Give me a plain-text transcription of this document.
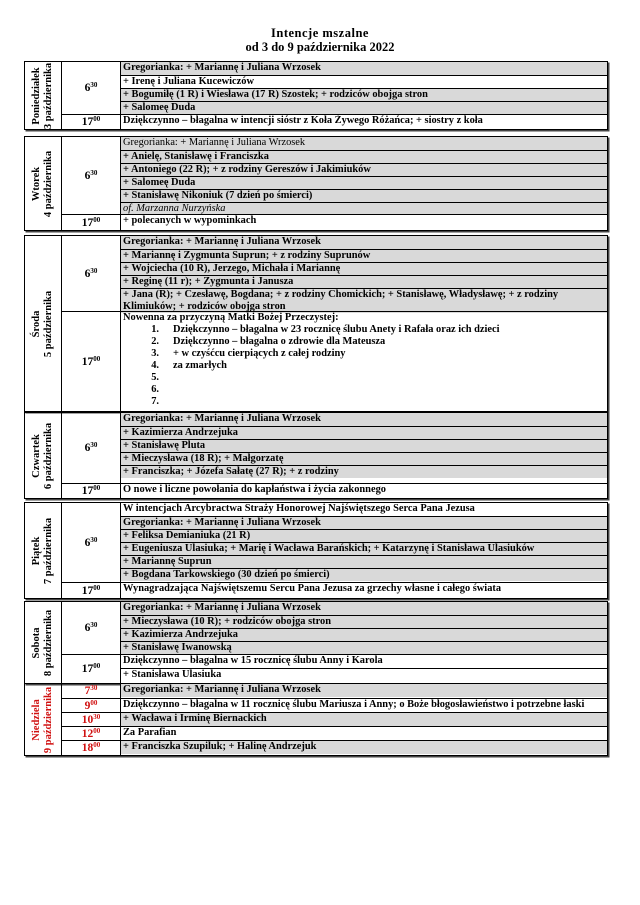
Intencje mszalne
od 3 do 9 października 2022
Poniedziałek 3 października	$6^{30}$
Gregorianka: + Mariannę i Juliana Wrzosek
+ Irenę i Juliana Kucewiczów
+ Bogumiłę (1 R) i Wiesława (17 R) Szostek; + rodziców obojga stron
+ Salomeę Duda
$17^{00}$ Dziękczynno – błagalna w intencji sióstr z Koła Żywego Różańca; + siostry z koła
Wtorek 4 października	$6^{30}$
Gregorianka: + Mariannę i Juliana Wrzosek
+ Anielę, Stanisławę i Franciszka
+ Antoniego (22 R); + z rodziny Gereszów i Jakimiuków
+ Salomeę Duda
+ Stanisławę Nikoniuk (7 dzień po śmierci)
of. Marzanna Nurzyńska
$17^{00}$ + polecanych w wypominkach
Środa 5 października
$6^{30}$
Gregorianka: + Mariannę i Juliana Wrzosek
+ Mariannę i Zygmunta Suprun; + z rodziny Suprunów
+ Wojciecha (10 R), Jerzego, Michała i Mariannę
+ Reginę (11 r); + Zygmunta i Janusza
+ Jana (R); + Czesławę, Bogdana; + z rodziny Chomickich; + Stanisławę, Władysławę; + z rodziny Klimiuków; + rodziców obojga stron
$17^{00}$
Nowenna za przyczyną Matki Bożej Przeczystej:
1. Dziękczynno – błagalna w 23 rocznicę ślubu Anety i Rafała oraz ich dzieci
2. Dziękczynno – błagalna o zdrowie dla Mateusza
3. + w czyśćcu cierpiących z całej rodziny
4. za zmarłych
5.
6.
7.
Czwartek 6 października	$6^{30}$
Gregorianka: + Mariannę i Juliana Wrzosek
+ Kazimierza Andrzejuka
+ Stanisławę Pluta
+ Mieczysława (18 R); + Małgorzatę
+ Franciszka; + Józefa Sałatę (27 R); + z rodziny
$17^{00}$ O nowe i liczne powołania do kapłaństwa i życia zakonnego
Piątek 7 października	$6^{30}$
W intencjach Arcybractwa Straży Honorowej Najświętszego Serca Pana Jezusa
Gregorianka: + Mariannę i Juliana Wrzosek
+ Feliksa Demianiuka (21 R)
+ Eugeniusza Ulasiuka; + Marię i Wacława Barańskich; + Katarzynę i Stanisława Ulasiuków
+ Mariannę Suprun
+ Bogdana Tarkowskiego (30 dzień po śmierci)
$17^{00}$ Wynagradzająca Najświętszemu Sercu Pana Jezusa za grzechy własne i całego świata
Sobota 8 października	$6^{30}$
Gregorianka: + Mariannę i Juliana Wrzosek
+ Mieczysława (10 R); + rodziców obojga stron
+ Kazimierza Andrzejuka
+ Stanisławę Iwanowską
$17^{00}$ Dziękczynno – błagalna w 15 rocznicę ślubu Anny i Karola
+ Stanisława Ulasiuka
Niedziela 9 października	$7^{30}$ Gregorianka: + Mariannę i Juliana Wrzosek
$9^{00}$ Dziękczynno – błagalna w 11 rocznicę ślubu Mariusza i Anny; o Boże błogosławieństwo i potrzebne łaski
$10^{30}$ + Wacława i Irminę Biernackich
$12^{00}$ Za Parafian
$18^{00}$ + Franciszka Szupiluk; + Halinę Andrzejuk
